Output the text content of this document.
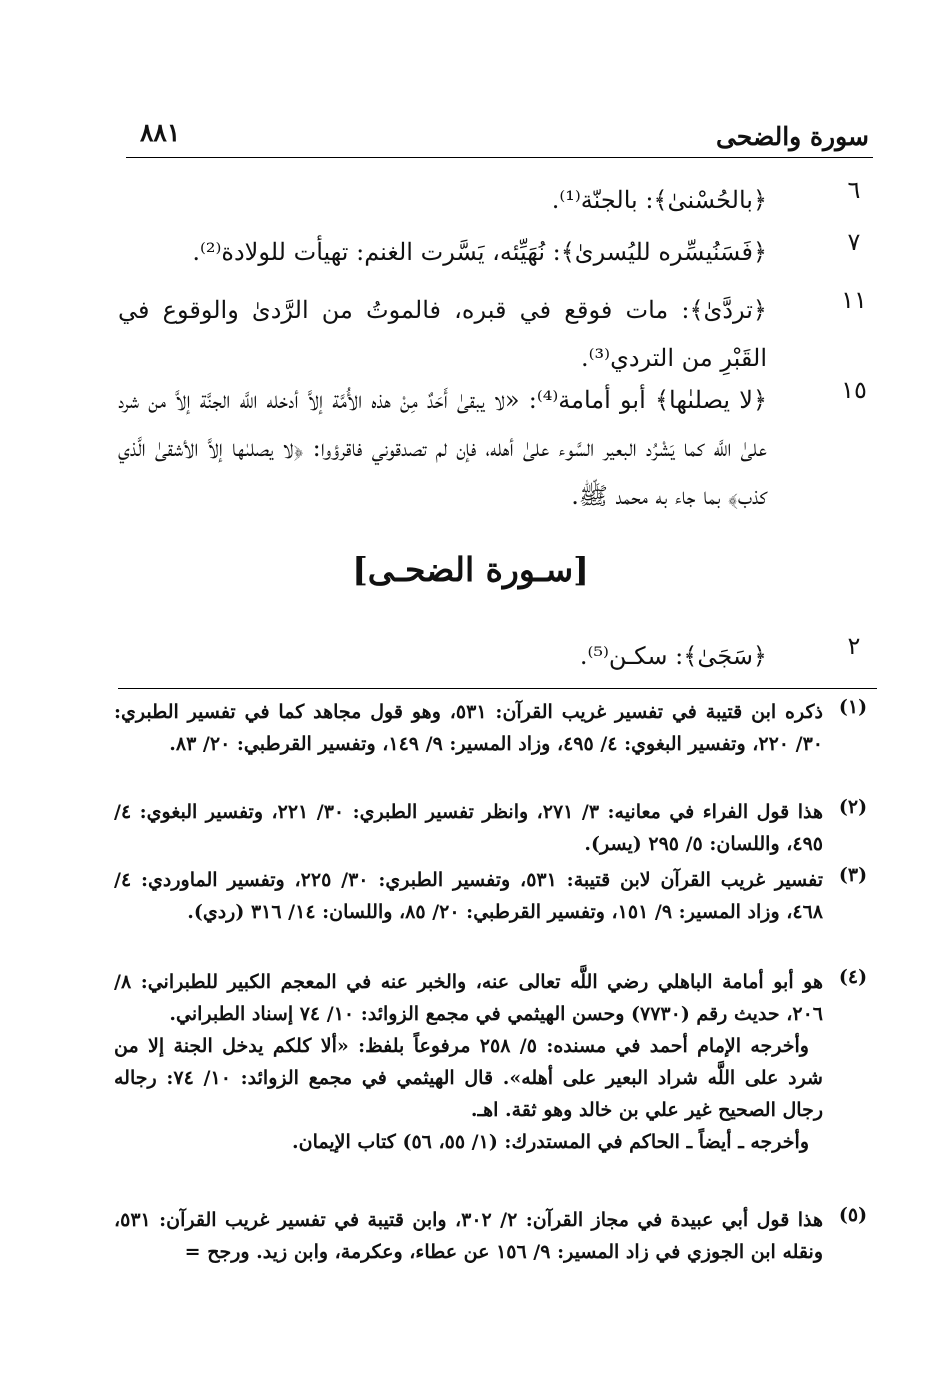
سورة والضحى
٨٨١
٦
﴿بالحُسْنىٰ﴾: بالجنّة⁽¹⁾.
٧
﴿فَسَنُيسِّره لليُسرىٰ﴾: نُهَيِّئه، يَسَّرت الغنم: تهيأت للولادة⁽²⁾.
١١
﴿تردَّىٰ﴾: مات فوقع في قبره، فالموتُ من الرَّدىٰ والوقوع في القَبْرِ من التردي⁽³⁾.
١٥
﴿لا يصلىٰها﴾ أبو أمامة⁽⁴⁾: «لا يبقىٰ أَحَدٌ مِنْ هذه الأُمَّة إلاَّ أدخله اللَّه الجنَّة إلاَّ من شرد علىٰ اللَّه كما يَشْرُد البعير السَّوء علىٰ أهله، فإن لم تصدقوني فاقرؤوا: ﴿لا يصلىٰها إلاَّ الأشقىٰ الَّذي كذب﴾ بما جاء به محمد ﷺ.
[سـورة الضحـى]
٢
﴿سَجَىٰ﴾: سكـن⁽⁵⁾.
(١)
ذكره ابن قتيبة في تفسير غريب القرآن: ٥٣١، وهو قول مجاهد كما في تفسير الطبري: ٣٠/ ٢٢٠، وتفسير البغوي: ٤/ ٤٩٥، وزاد المسير: ٩/ ١٤٩، وتفسير القرطبي: ٢٠/ ٨٣.
(٢)
هذا قول الفراء في معانيه: ٣/ ٢٧١، وانظر تفسير الطبري: ٣٠/ ٢٢١، وتفسير البغوي: ٤/ ٤٩٥، واللسان: ٥/ ٢٩٥ (يسر).
(٣)
تفسير غريب القرآن لابن قتيبة: ٥٣١، وتفسير الطبري: ٣٠/ ٢٢٥، وتفسير الماوردي: ٤/ ٤٦٨، وزاد المسير: ٩/ ١٥١، وتفسير القرطبي: ٢٠/ ٨٥، واللسان: ١٤/ ٣١٦ (ردي).
(٤)
هو أبو أمامة الباهلي رضي اللَّه تعالى عنه، والخبر عنه في المعجم الكبير للطبراني: ٨/ ٢٠٦، حديث رقم (٧٧٣٠) وحسن الهيثمي في مجمع الزوائد: ١٠/ ٧٤ إسناد الطبراني.
وأخرجه الإمام أحمد في مسنده: ٥/ ٢٥٨ مرفوعاً بلفظ: «ألا كلكم يدخل الجنة إلا من شرد على اللَّه شراد البعير على أهله». قال الهيثمي في مجمع الزوائد: ١٠/ ٧٤: رجاله رجال الصحيح غير علي بن خالد وهو ثقة. اهـ.
وأخرجه ـ أيضاً ـ الحاكم في المستدرك: (١/ ٥٥، ٥٦) كتاب الإيمان.
(٥)
هذا قول أبي عبيدة في مجاز القرآن: ٢/ ٣٠٢، وابن قتيبة في تفسير غريب القرآن: ٥٣١، ونقله ابن الجوزي في زاد المسير: ٩/ ١٥٦ عن عطاء، وعكرمة، وابن زيد. ورجح =
